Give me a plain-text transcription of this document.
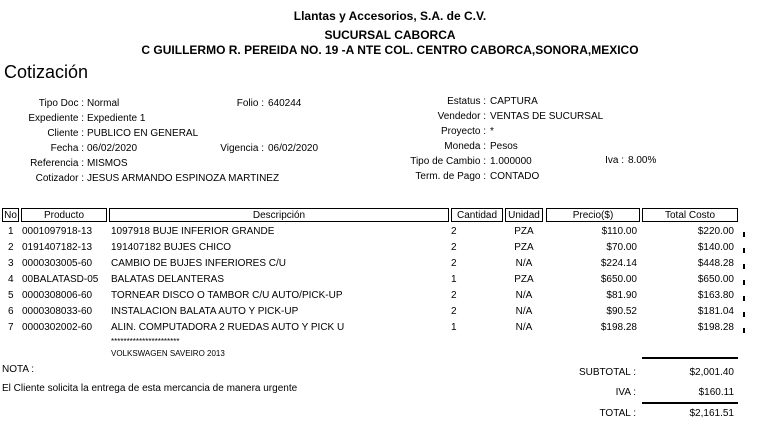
Llantas y Accesorios, S.A. de C.V.
SUCURSAL CABORCA
C GUILLERMO R. PEREIDA NO. 19 -A NTE COL. CENTRO CABORCA,SONORA,MEXICO
Cotización
Tipo Doc : Normal
Expediente : Expediente 1
Cliente : PUBLICO EN GENERAL
Fecha : 06/02/2020
Referencia : MISMOS
Cotizador : JESUS ARMANDO ESPINOZA MARTINEZ
Folio : 640244
Vigencia : 06/02/2020
Estatus : CAPTURA
Vendedor : VENTAS DE SUCURSAL
Proyecto : *
Moneda : Pesos
Tipo de Cambio : 1.000000
Term. de Pago : CONTADO
Iva : 8.00%
No	Producto	Descripción	Cantidad	Unidad	Precio($)	Total Costo
1 0001097918-13 1097918 BUJE INFERIOR GRANDE	2	PZA	$110.00	$220.00
2 0191407182-13 191407182 BUJES CHICO	2	PZA	$70.00	$140.00
3 0000303005-60 CAMBIO DE BUJES INFERIORES C/U	2	N/A	$224.14	$448.28
4 00BALATASD-05 BALATAS DELANTERAS	1	PZA	$650.00	$650.00
5 0000308006-60 TORNEAR DISCO O TAMBOR C/U AUTO/PICK-UP	2	N/A	$81.90	$163.80
6 0000308033-60 INSTALACION BALATA AUTO Y PICK-UP	2	N/A	$90.52	$181.04
7 0000302002-60 ALIN. COMPUTADORA 2 RUEDAS AUTO Y PICK U	1	N/A	$198.28	$198.28
**********************
VOLKSWAGEN SAVEIRO 2013
NOTA :
El Cliente solicita la entrega de esta mercancia de manera urgente
SUBTOTAL :	$2,001.40
IVA :	$160.11
TOTAL :	$2,161.51
